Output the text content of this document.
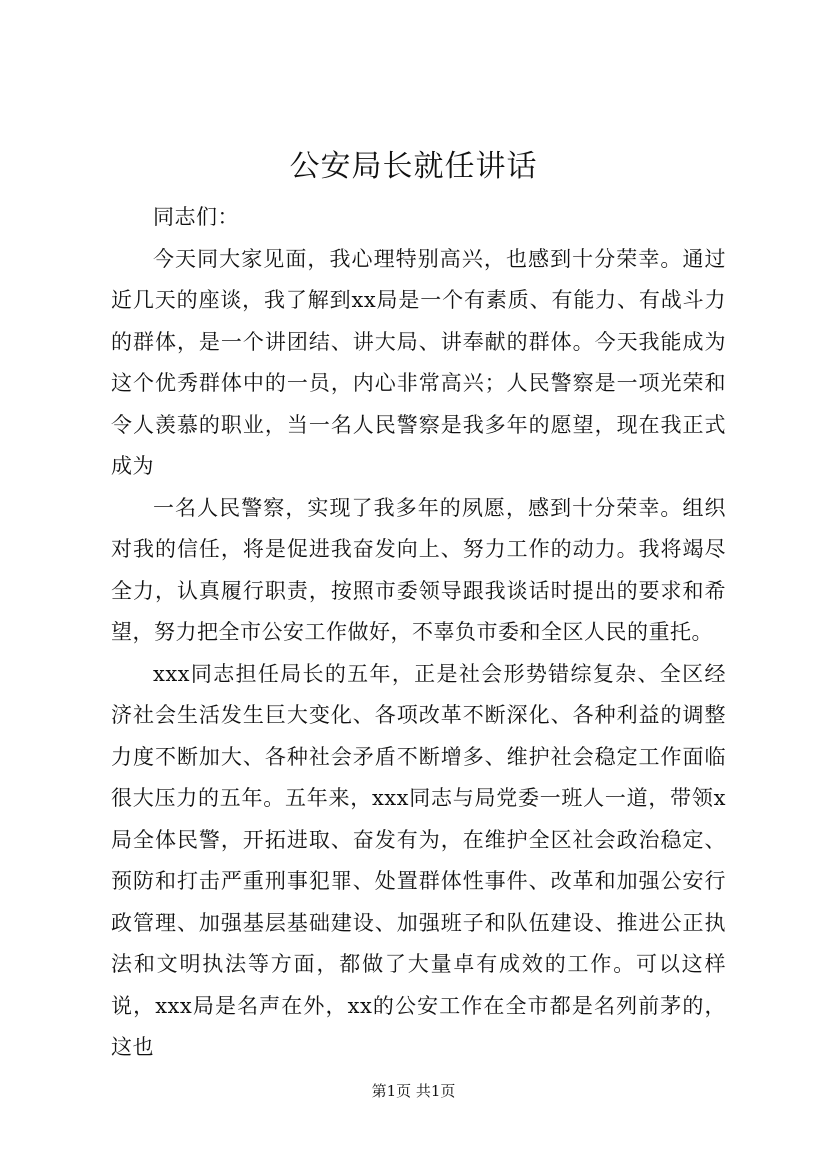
公安局长就任讲话

同志们：

今天同大家见面，我心理特别高兴，也感到十分荣幸。通过近几天的座谈，我了解到xx局是一个有素质、有能力、有战斗力的群体，是一个讲团结、讲大局、讲奉献的群体。今天我能成为这个优秀群体中的一员，内心非常高兴；人民警察是一项光荣和令人羡慕的职业，当一名人民警察是我多年的愿望，现在我正式成为

一名人民警察，实现了我多年的夙愿，感到十分荣幸。组织对我的信任，将是促进我奋发向上、努力工作的动力。我将竭尽全力，认真履行职责，按照市委领导跟我谈话时提出的要求和希望，努力把全市公安工作做好，不辜负市委和全区人民的重托。

xxx同志担任局长的五年，正是社会形势错综复杂、全区经济社会生活发生巨大变化、各项改革不断深化、各种利益的调整力度不断加大、各种社会矛盾不断增多、维护社会稳定工作面临很大压力的五年。五年来，xxx同志与局党委一班人一道，带领x局全体民警，开拓进取、奋发有为，在维护全区社会政治稳定、预防和打击严重刑事犯罪、处置群体性事件、改革和加强公安行政管理、加强基层基础建设、加强班子和队伍建设、推进公正执法和文明执法等方面，都做了大量卓有成效的工作。可以这样说，xxx局是名声在外，xx的公安工作在全市都是名列前茅的，这也

第1页 共1页
